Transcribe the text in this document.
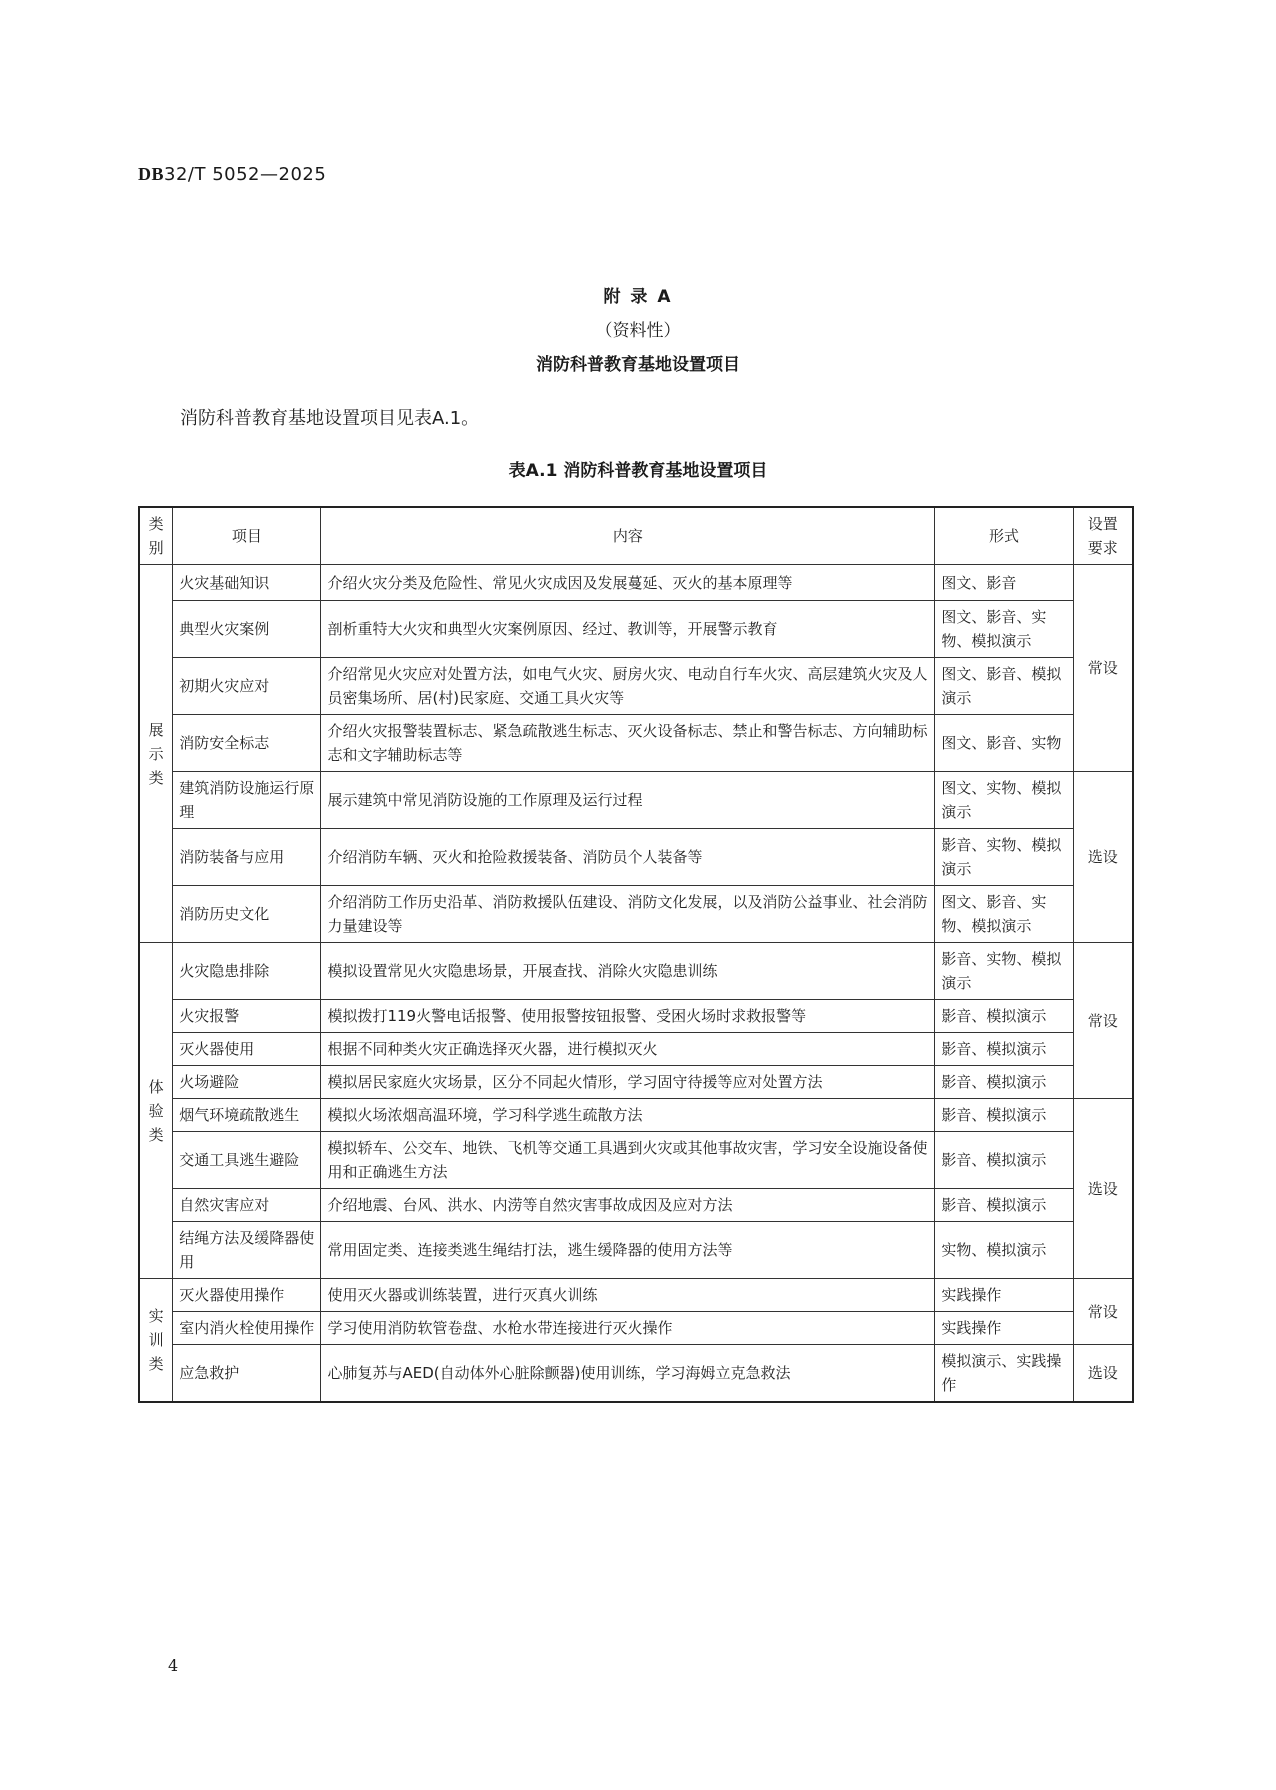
DB32/T 5052—2025
附 录 A
（资料性）
消防科普教育基地设置项目
消防科普教育基地设置项目见表A.1。
表A.1 消防科普教育基地设置项目
类别	项目	内容	形式	设置要求
展示类	火灾基础知识	介绍火灾分类及危险性、常见火灾成因及发展蔓延、灭火的基本原理等	图文、影音	常设
	典型火灾案例	剖析重特大火灾和典型火灾案例原因、经过、教训等，开展警示教育	图文、影音、实物、模拟演示	
	初期火灾应对	介绍常见火灾应对处置方法，如电气火灾、厨房火灾、电动自行车火灾、高层建筑火灾及人员密集场所、居(村)民家庭、交通工具火灾等	图文、影音、模拟演示	
	消防安全标志	介绍火灾报警装置标志、紧急疏散逃生标志、灭火设备标志、禁止和警告标志、方向辅助标志和文字辅助标志等	图文、影音、实物	
	建筑消防设施运行原理	展示建筑中常见消防设施的工作原理及运行过程	图文、实物、模拟演示	选设
	消防装备与应用	介绍消防车辆、灭火和抢险救援装备、消防员个人装备等	影音、实物、模拟演示	
	消防历史文化	介绍消防工作历史沿革、消防救援队伍建设、消防文化发展，以及消防公益事业、社会消防力量建设等	图文、影音、实物、模拟演示	
体验类	火灾隐患排除	模拟设置常见火灾隐患场景，开展查找、消除火灾隐患训练	影音、实物、模拟演示	常设
	火灾报警	模拟拨打119火警电话报警、使用报警按钮报警、受困火场时求救报警等	影音、模拟演示	
	灭火器使用	根据不同种类火灾正确选择灭火器，进行模拟灭火	影音、模拟演示	
	火场避险	模拟居民家庭火灾场景，区分不同起火情形，学习固守待援等应对处置方法	影音、模拟演示	
	烟气环境疏散逃生	模拟火场浓烟高温环境，学习科学逃生疏散方法	影音、模拟演示	选设
	交通工具逃生避险	模拟轿车、公交车、地铁、飞机等交通工具遇到火灾或其他事故灾害，学习安全设施设备使用和正确逃生方法	影音、模拟演示	
	自然灾害应对	介绍地震、台风、洪水、内涝等自然灾害事故成因及应对方法	影音、模拟演示	
	结绳方法及缓降器使用	常用固定类、连接类逃生绳结打法，逃生缓降器的使用方法等	实物、模拟演示	
实训类	灭火器使用操作	使用灭火器或训练装置，进行灭真火训练	实践操作	常设
	室内消火栓使用操作	学习使用消防软管卷盘、水枪水带连接进行灭火操作	实践操作	
	应急救护	心肺复苏与AED(自动体外心脏除颤器)使用训练，学习海姆立克急救法	模拟演示、实践操作	选设
4
